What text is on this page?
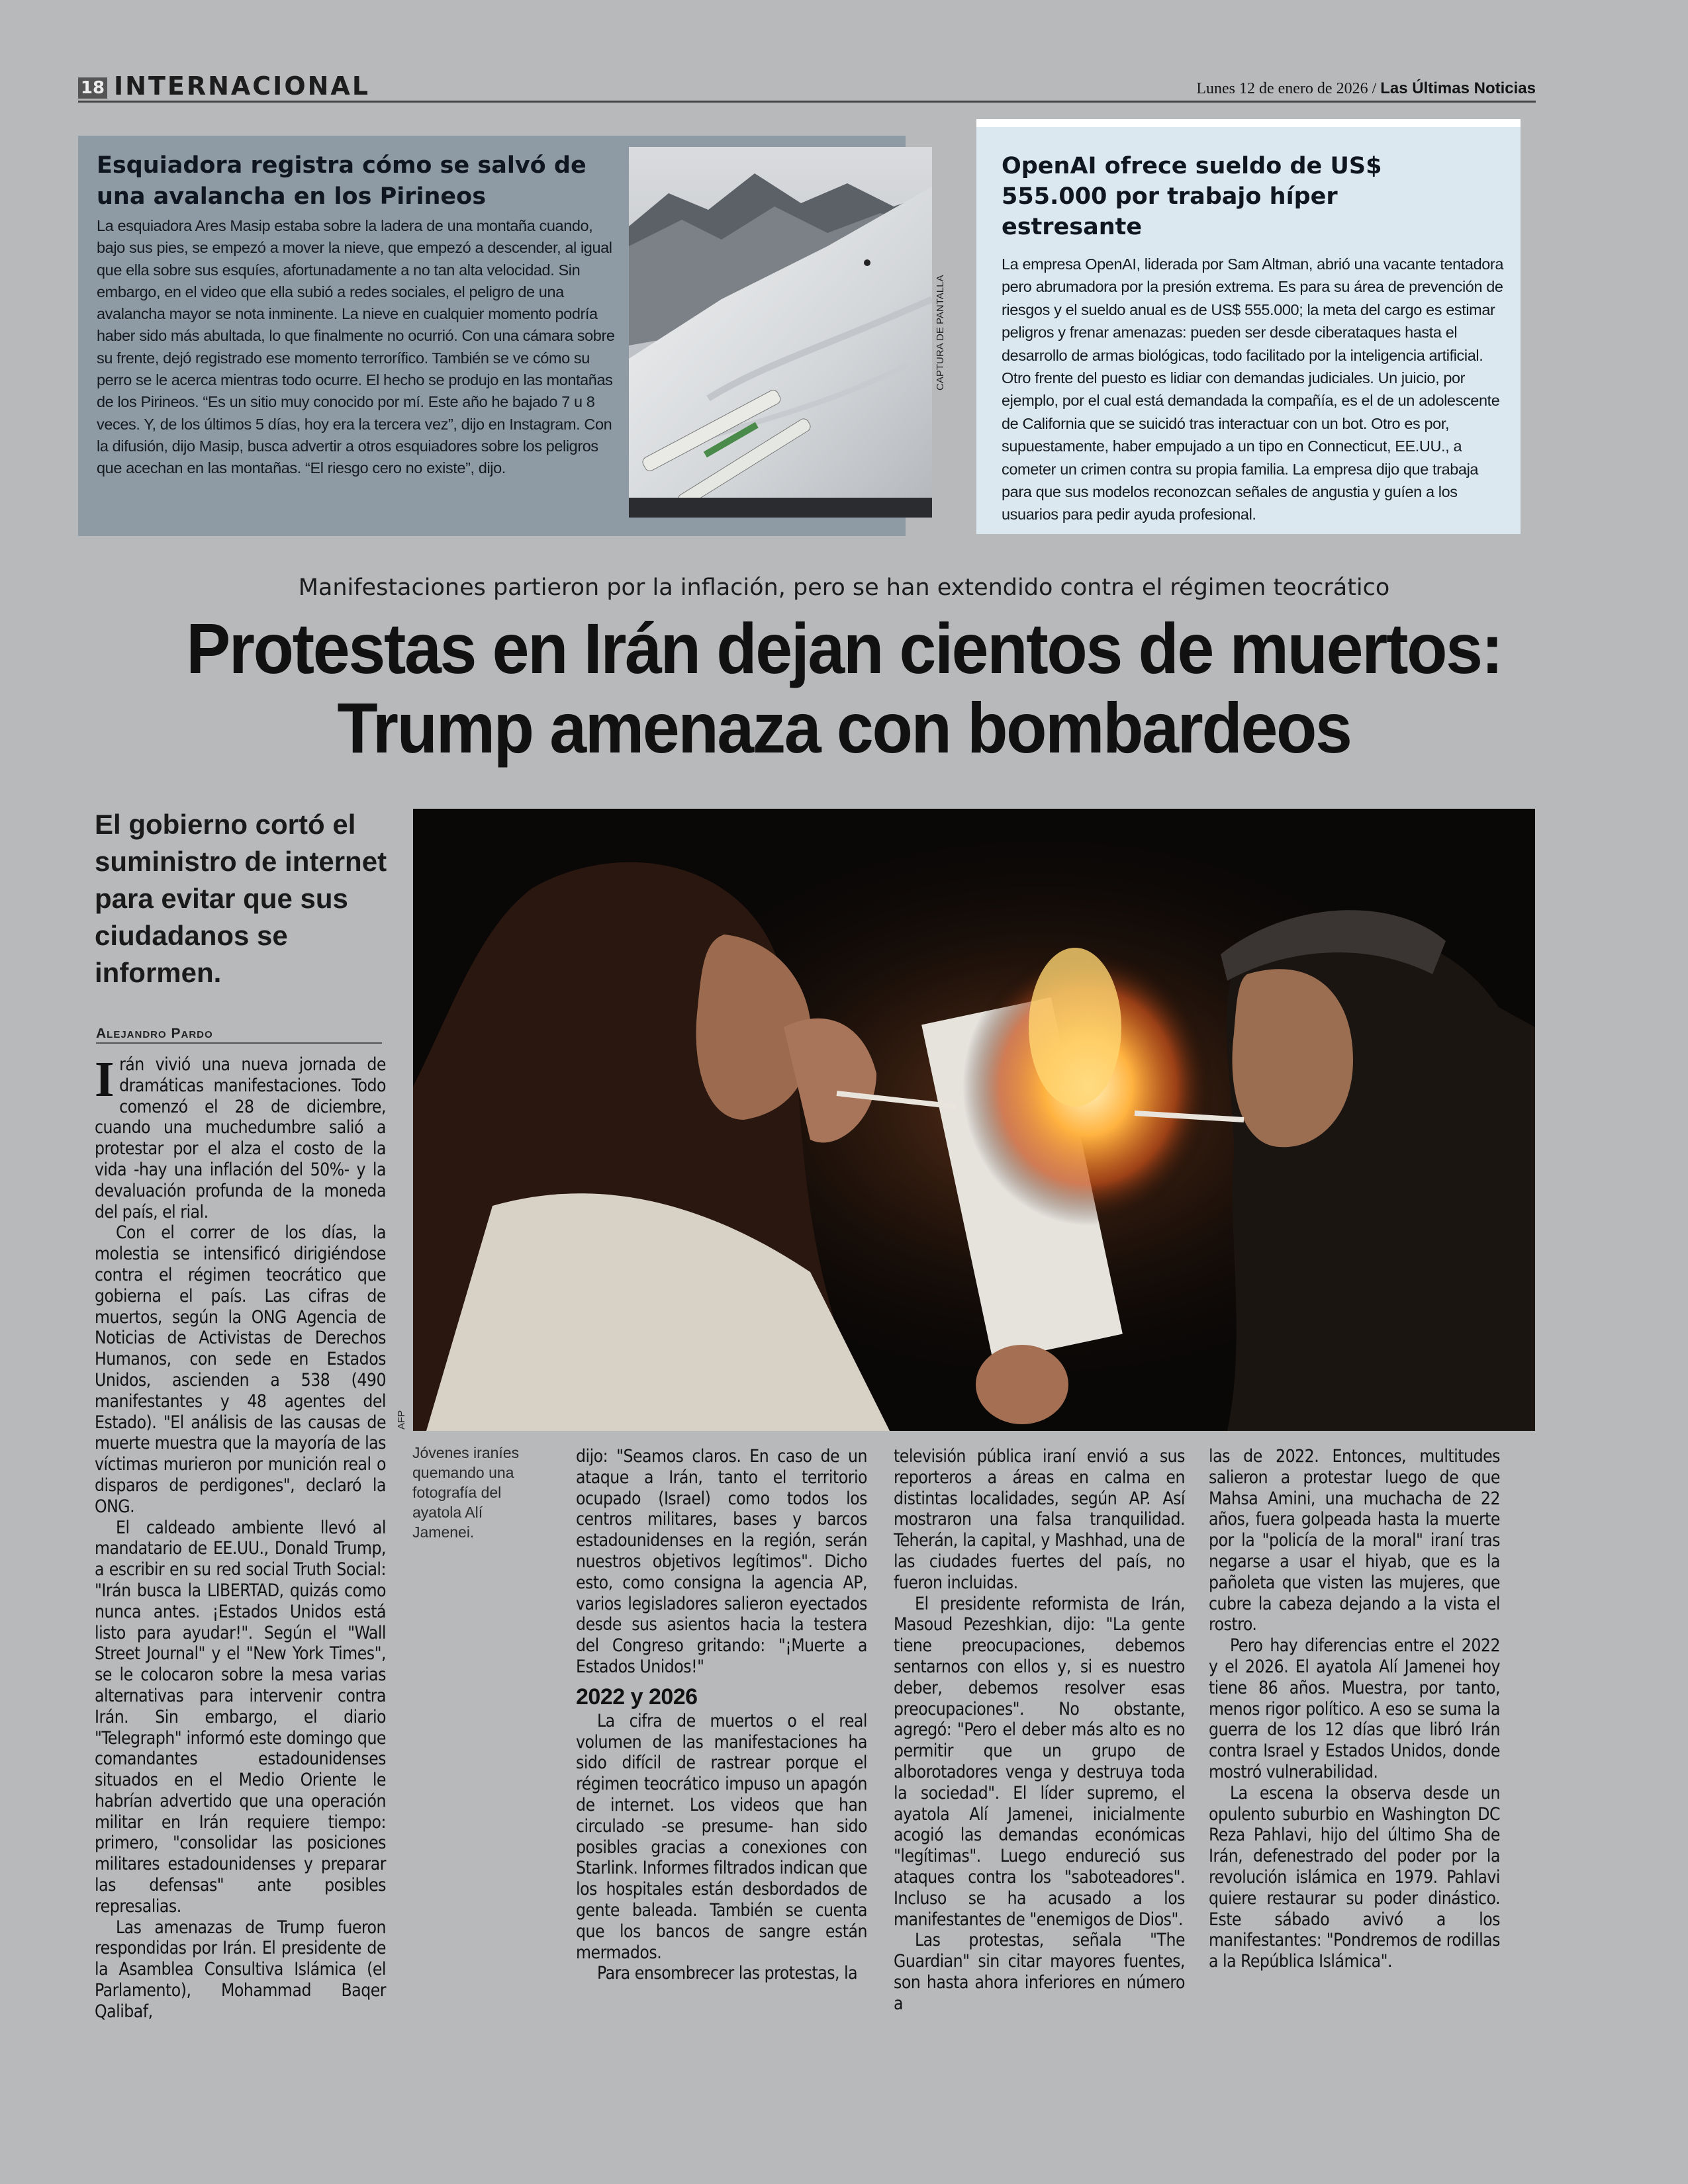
18 INTERNACIONAL	Lunes 12 de enero de 2026 / Las Últimas Noticias
Esquiadora registra cómo se salvó de una avalancha en los Pirineos

La esquiadora Ares Masip estaba sobre la ladera de una montaña cuando, bajo sus pies, se empezó a mover la nieve, que empezó a descender, al igual que ella sobre sus esquíes, afortunadamente a no tan alta velocidad. Sin embargo, en el video que ella subió a redes sociales, el peligro de una avalancha mayor se nota inminente. La nieve en cualquier momento podría haber sido más abultada, lo que finalmente no ocurrió. Con una cámara sobre su frente, dejó registrado ese momento terrorífico. También se ve cómo su perro se le acerca mientras todo ocurre. El hecho se produjo en las montañas de los Pirineos. “Es un sitio muy conocido por mí. Este año he bajado 7 u 8 veces. Y, de los últimos 5 días, hoy era la tercera vez”, dijo en Instagram. Con la difusión, dijo Masip, busca advertir a otros esquiadores sobre los peligros que acechan en las montañas. “El riesgo cero no existe”, dijo.

CAPTURA DE PANTALLA
OpenAI ofrece sueldo de US$ 555.000 por trabajo híper estresante

La empresa OpenAI, liderada por Sam Altman, abrió una vacante tentadora pero abrumadora por la presión extrema. Es para su área de prevención de riesgos y el sueldo anual es de US$ 555.000; la meta del cargo es estimar peligros y frenar amenazas: pueden ser desde ciberataques hasta el desarrollo de armas biológicas, todo facilitado por la inteligencia artificial. Otro frente del puesto es lidiar con demandas judiciales. Un juicio, por ejemplo, por el cual está demandada la compañía, es el de un adolescente de California que se suicidó tras interactuar con un bot. Otro es por, supuestamente, haber empujado a un tipo en Connecticut, EE.UU., a cometer un crimen contra su propia familia. La empresa dijo que trabaja para que sus modelos reconozcan señales de angustia y guíen a los usuarios para pedir ayuda profesional.

Manifestaciones partieron por la inflación, pero se han extendido contra el régimen teocrático
Protestas en Irán dejan cientos de muertos:
Trump amenaza con bombardeos
El gobierno cortó el suministro de internet para evitar que sus ciudadanos se informen.
Alejandro Pardo
AFP
Jóvenes iraníes quemando una fotografía del ayatola Alí Jamenei.

Irán vivió una nueva jornada de dramáticas manifestaciones. Todo comenzó el 28 de diciembre, cuando una muchedumbre salió a protestar por el alza el costo de la vida -hay una inflación del 50%- y la devaluación profunda de la moneda del país, el rial.

Con el correr de los días, la molestia se intensificó dirigiéndose contra el régimen teocrático que gobierna el país. Las cifras de muertos, según la ONG Agencia de Noticias de Activistas de Derechos Humanos, con sede en Estados Unidos, ascienden a 538 (490 manifestantes y 48 agentes del Estado). "El análisis de las causas de muerte muestra que la mayoría de las víctimas murieron por munición real o disparos de perdigones", declaró la ONG.

El caldeado ambiente llevó al mandatario de EE.UU., Donald Trump, a escribir en su red social Truth Social: "Irán busca la LIBERTAD, quizás como nunca antes. ¡Estados Unidos está listo para ayudar!". Según el "Wall Street Journal" y el "New York Times", se le colocaron sobre la mesa varias alternativas para intervenir contra Irán. Sin embargo, el diario "Telegraph" informó este domingo que comandantes estadounidenses situados en el Medio Oriente le habrían advertido que una operación militar en Irán requiere tiempo: primero, "consolidar las posiciones militares estadounidenses y preparar las defensas" ante posibles represalias.

Las amenazas de Trump fueron respondidas por Irán. El presidente de la Asamblea Consultiva Islámica (el Parlamento), Mohammad Baqer Qalibaf,

dijo: "Seamos claros. En caso de un ataque a Irán, tanto el territorio ocupado (Israel) como todos los centros militares, bases y barcos estadounidenses en la región, serán nuestros objetivos legítimos". Dicho esto, como consigna la agencia AP, varios legisladores salieron eyectados desde sus asientos hacia la testera del Congreso gritando: "¡Muerte a Estados Unidos!"

2022 y 2026

La cifra de muertos o el real volumen de las manifestaciones ha sido difícil de rastrear porque el régimen teocrático impuso un apagón de internet. Los videos que han circulado -se presume- han sido posibles gracias a conexiones con Starlink. Informes filtrados indican que los hospitales están desbordados de gente baleada. También se cuenta que los bancos de sangre están mermados.

Para ensombrecer las protestas, la

televisión pública iraní envió a sus reporteros a áreas en calma en distintas localidades, según AP. Así mostraron una falsa tranquilidad. Teherán, la capital, y Mashhad, una de las ciudades fuertes del país, no fueron incluidas.

El presidente reformista de Irán, Masoud Pezeshkian, dijo: "La gente tiene preocupaciones, debemos sentarnos con ellos y, si es nuestro deber, debemos resolver esas preocupaciones". No obstante, agregó: "Pero el deber más alto es no permitir que un grupo de alborotadores venga y destruya toda la sociedad". El líder supremo, el ayatola Alí Jamenei, inicialmente acogió las demandas económicas "legítimas". Luego endureció sus ataques contra los "saboteadores". Incluso se ha acusado a los manifestantes de "enemigos de Dios".

Las protestas, señala "The Guardian" sin citar mayores fuentes, son hasta ahora inferiores en número a

las de 2022. Entonces, multitudes salieron a protestar luego de que Mahsa Amini, una muchacha de 22 años, fuera golpeada hasta la muerte por la "policía de la moral" iraní tras negarse a usar el hiyab, que es la pañoleta que visten las mujeres, que cubre la cabeza dejando a la vista el rostro.

Pero hay diferencias entre el 2022 y el 2026. El ayatola Alí Jamenei hoy tiene 86 años. Muestra, por tanto, menos rigor político. A eso se suma la guerra de los 12 días que libró Irán contra Israel y Estados Unidos, donde mostró vulnerabilidad.

La escena la observa desde un opulento suburbio en Washington DC Reza Pahlavi, hijo del último Sha de Irán, defenestrado del poder por la revolución islámica en 1979. Pahlavi quiere restaurar su poder dinástico. Este sábado avivó a los manifestantes: "Pondremos de rodillas a la República Islámica".
